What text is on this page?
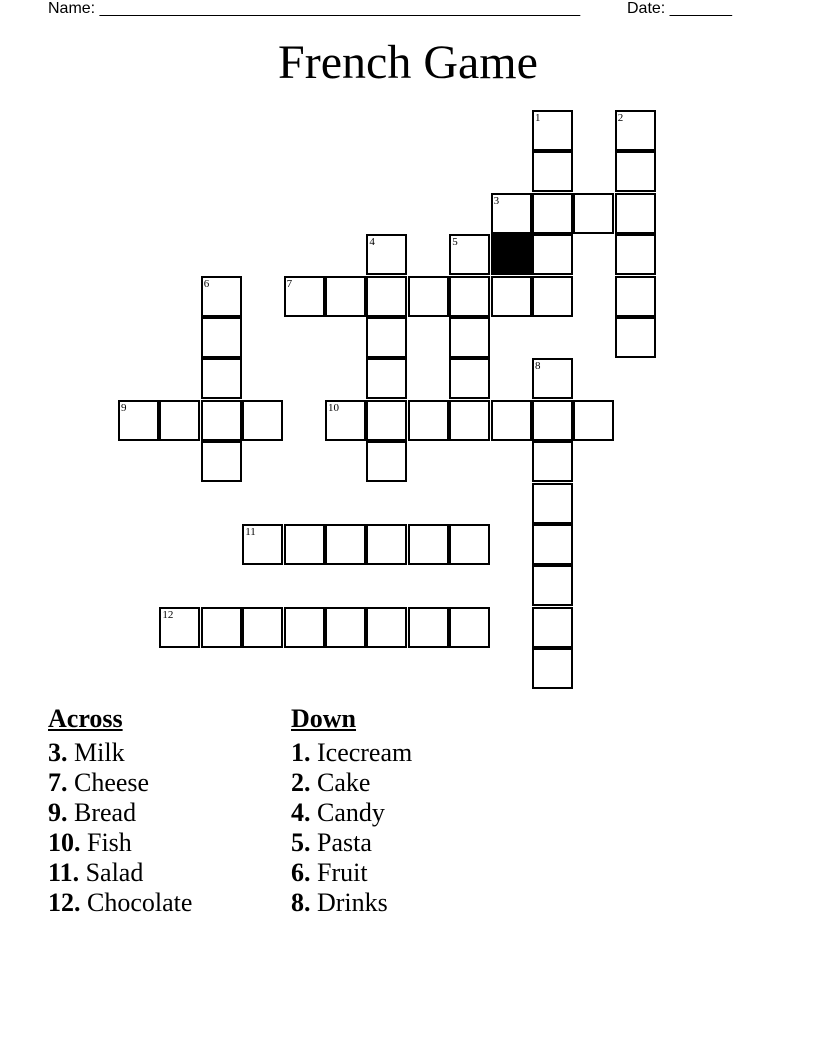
Name: ______________________________________________________	Date: _______
French Game
1	2
3
4	5
6	7
8
9	10
11
12
Across
3. Milk
7. Cheese
9. Bread
10. Fish
11. Salad
12. Chocolate
Down
1. Icecream
2. Cake
4. Candy
5. Pasta
6. Fruit
8. Drinks
